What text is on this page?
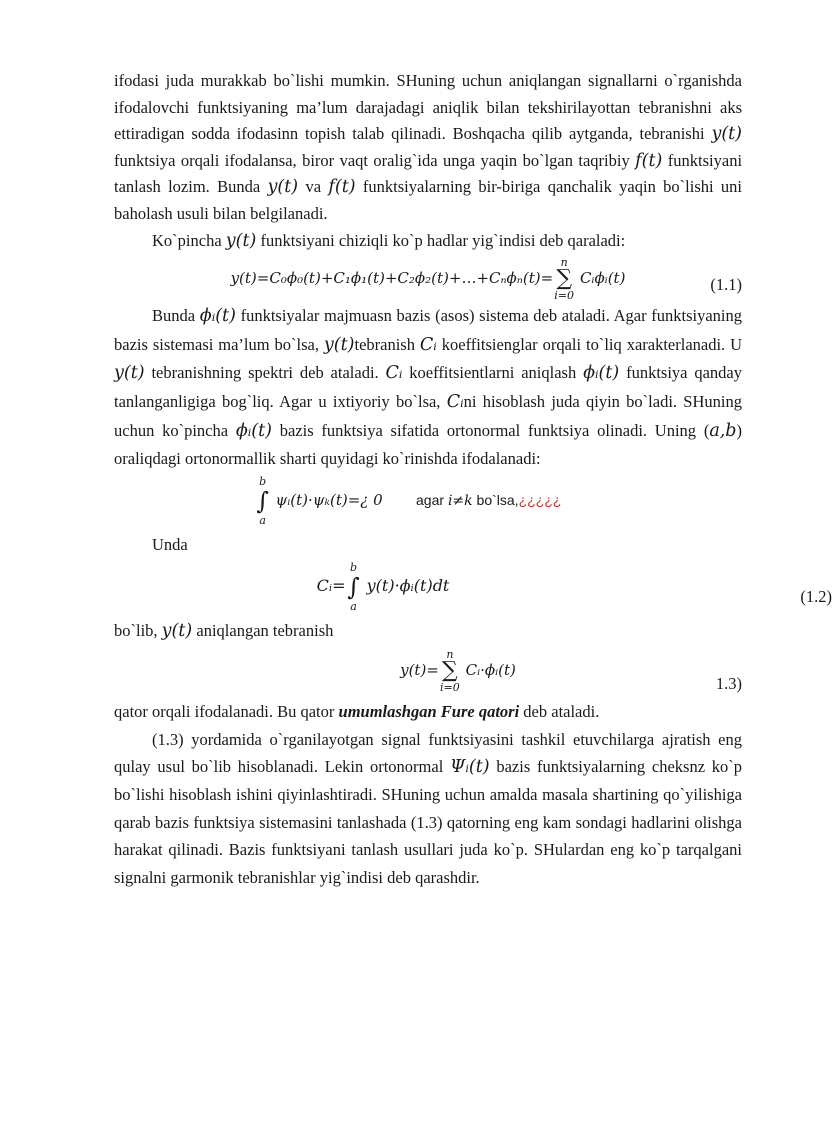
ifodasi juda murakkab bo`lishi mumkin. SHuning uchun aniqlangan signallarni o`rganishda ifodalovchi funktsiyaning ma’lum darajadagi aniqlik bilan tekshirilayottan tebranishni aks ettiradigan sodda ifodasinn topish talab qilinadi. Boshqacha qilib aytganda, tebranishi y(t) funktsiya orqali ifodalansa, biror vaqt oralig`ida unga yaqin bo`lgan taqribiy f(t) funktsiyani tanlash lozim. Bunda y(t) va f(t) funktsiyalarning bir-biriga qanchalik yaqin bo`lishi uni baholash usuli bilan belgilanadi.

Ko`pincha y(t) funktsiyani chiziqli ko`p hadlar yig`indisi deb qaraladi:

y(t)=C₀ϕ₀(t)+C₁ϕ₁(t)+C₂ϕ₂(t)+…+Cₙϕₙ(t)=
n
∑
i=0
Cᵢϕᵢ(t)	(1.1)

Bunda ϕᵢ(t) funktsiyalar majmuasn bazis (asos) sistema deb ataladi. Agar funktsiyaning bazis sistemasi ma’lum bo`lsa, y(t)tebranish Cᵢ koeffitsienglar orqali to`liq xarakterlanadi. U y(t) tebranishning spektri deb ataladi. Cᵢ koeffitsientlarni aniqlash ϕᵢ(t) funktsiya qanday tanlanganligiga bog`liq. Agar u ixtiyoriy bo`lsa, Cᵢni hisoblash juda qiyin bo`ladi. SHuning uchun ko`pincha ϕᵢ(t) bazis funktsiya sifatida ortonormal funktsiya olinadi. Uning (a,b) oraliqdagi ortonormallik sharti quyidagi ko`rinishda ifodalanadi:

b
∫
a
ψᵢ(t)·ψₖ(t)=¿ 0 agar i≠k bo`lsa,¿¿¿¿¿

Unda

Cᵢ=
b
∫
a
y(t)·ϕᵢ(t)dt
(1.2)

bo`lib, y(t) aniqlangan tebranish

y(t)=
n
∑
i=0
Cᵢ·ϕᵢ(t)
1.3)

qator orqali ifodalanadi. Bu qator umumlashgan Fure qatori deb ataladi.

(1.3) yordamida o`rganilayotgan signal funktsiyasini tashkil etuvchilarga ajratish eng qulay usul bo`lib hisoblanadi. Lekin ortonormal Ψᵢ(t) bazis funktsiyalarning cheksnz ko`p bo`lishi hisoblash ishini qiyinlashtiradi. SHuning uchun amalda masala shartining qo`yilishiga qarab bazis funktsiya sistemasini tanlashada (1.3) qatorning eng kam sondagi hadlarini olishga harakat qilinadi. Bazis funktsiyani tanlash usullari juda ko`p. SHulardan eng ko`p tarqalgani signalni garmonik tebranishlar yig`indisi deb qarashdir.
